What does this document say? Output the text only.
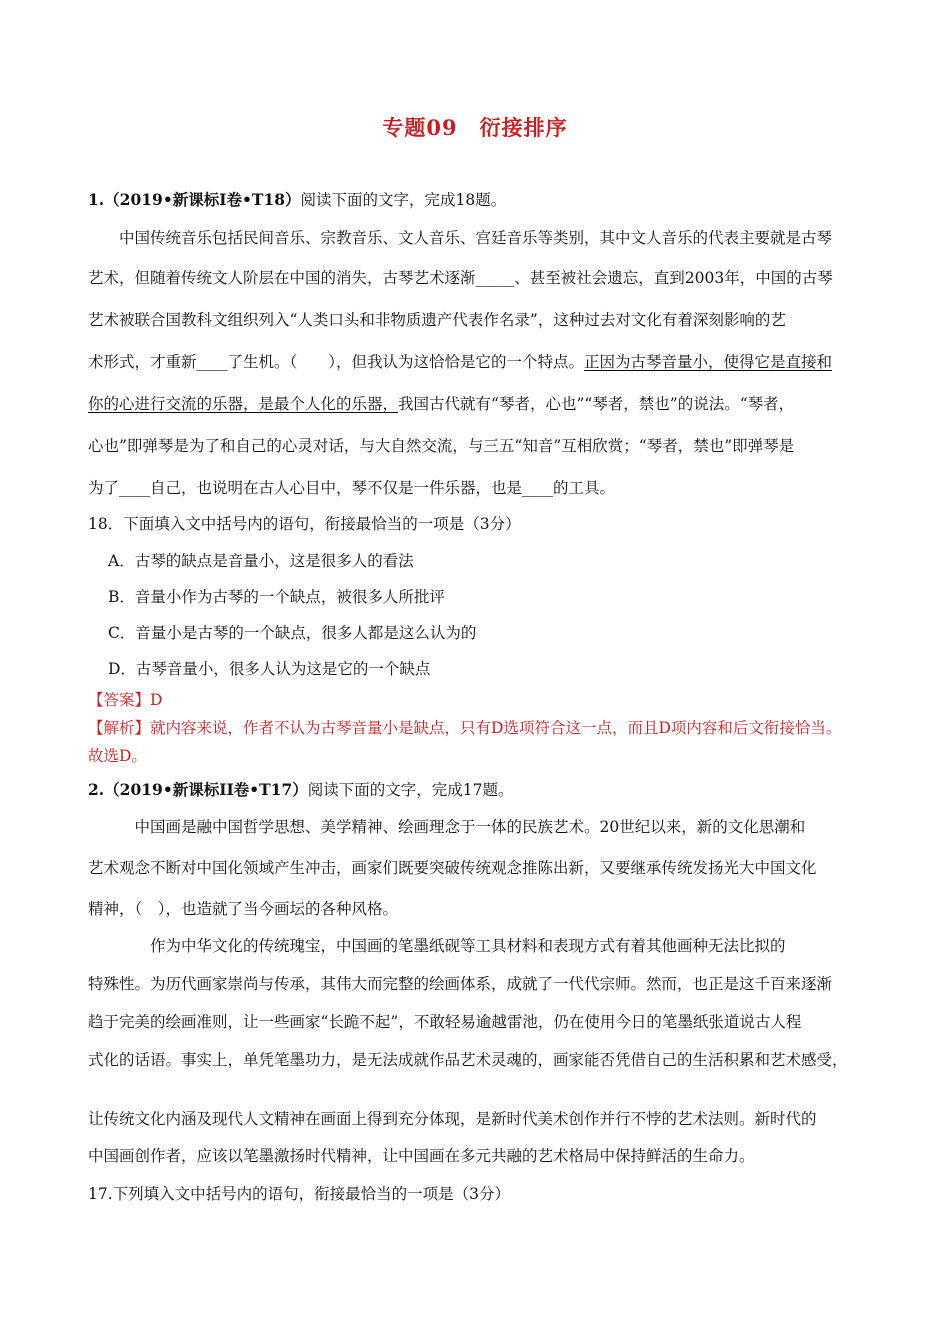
专题09　衍接排序
1.（2019•新课标Ⅰ卷•T18）阅读下面的文字，完成18题。
　　中国传统音乐包括民间音乐、宗教音乐、文人音乐、宫廷音乐等类别，其中文人音乐的代表主要就是古琴
艺术，但随着传统文人阶层在中国的消失，古琴艺术逐渐_____、甚至被社会遗忘，直到2003年，中国的古琴
艺术被联合国教科文组织列入“人类口头和非物质遗产代表作名录”，这种过去对文化有着深刻影响的艺
术形式，才重新____了生机。（　　），但我认为这恰恰是它的一个特点。正因为古琴音量小，使得它是直接和
你的心进行交流的乐器，是最个人化的乐器，我国古代就有“琴者，心也”“琴者，禁也”的说法。“琴者，
心也”即弹琴是为了和自己的心灵对话，与大自然交流，与三五“知音”互相欣赏；“琴者，禁也”即弹琴是
为了____自己，也说明在古人心目中，琴不仅是一件乐器，也是____的工具。
18．下面填入文中括号内的语句，衔接最恰当的一项是（3分）
A．古琴的缺点是音量小，这是很多人的看法
B．音量小作为古琴的一个缺点，被很多人所批评
C．音量小是古琴的一个缺点，很多人都是这么认为的
D．古琴音量小，很多人认为这是它的一个缺点
【答案】D
【解析】就内容来说，作者不认为古琴音量小是缺点，只有D选项符合这一点，而且D项内容和后文衔接恰当。
故选D。
2.（2019•新课标II卷•T17）阅读下面的文字，完成17题。
　　　中国画是融中国哲学思想、美学精神、绘画理念于一体的民族艺术。20世纪以来，新的文化思潮和
艺术观念不断对中国化领域产生冲击，画家们既要突破传统观念推陈出新，又要继承传统发扬光大中国文化
精神，（　），也造就了当今画坛的各种风格。
　　　　作为中华文化的传统瑰宝，中国画的笔墨纸砚等工具材料和表现方式有着其他画种无法比拟的
特殊性。为历代画家崇尚与传承，其伟大而完整的绘画体系，成就了一代代宗师。然而，也正是这千百来逐渐
趋于完美的绘画准则，让一些画家“长跪不起”，不敢轻易逾越雷池，仍在使用今日的笔墨纸张道说古人程
式化的话语。事实上，单凭笔墨功力，是无法成就作品艺术灵魂的，画家能否凭借自己的生活积累和艺术感受，
让传统文化内涵及现代人文精神在画面上得到充分体现，是新时代美术创作并行不悖的艺术法则。新时代的
中国画创作者，应该以笔墨激扬时代精神，让中国画在多元共融的艺术格局中保持鲜活的生命力。
17.下列填入文中括号内的语句，衔接最恰当的一项是（3分）
